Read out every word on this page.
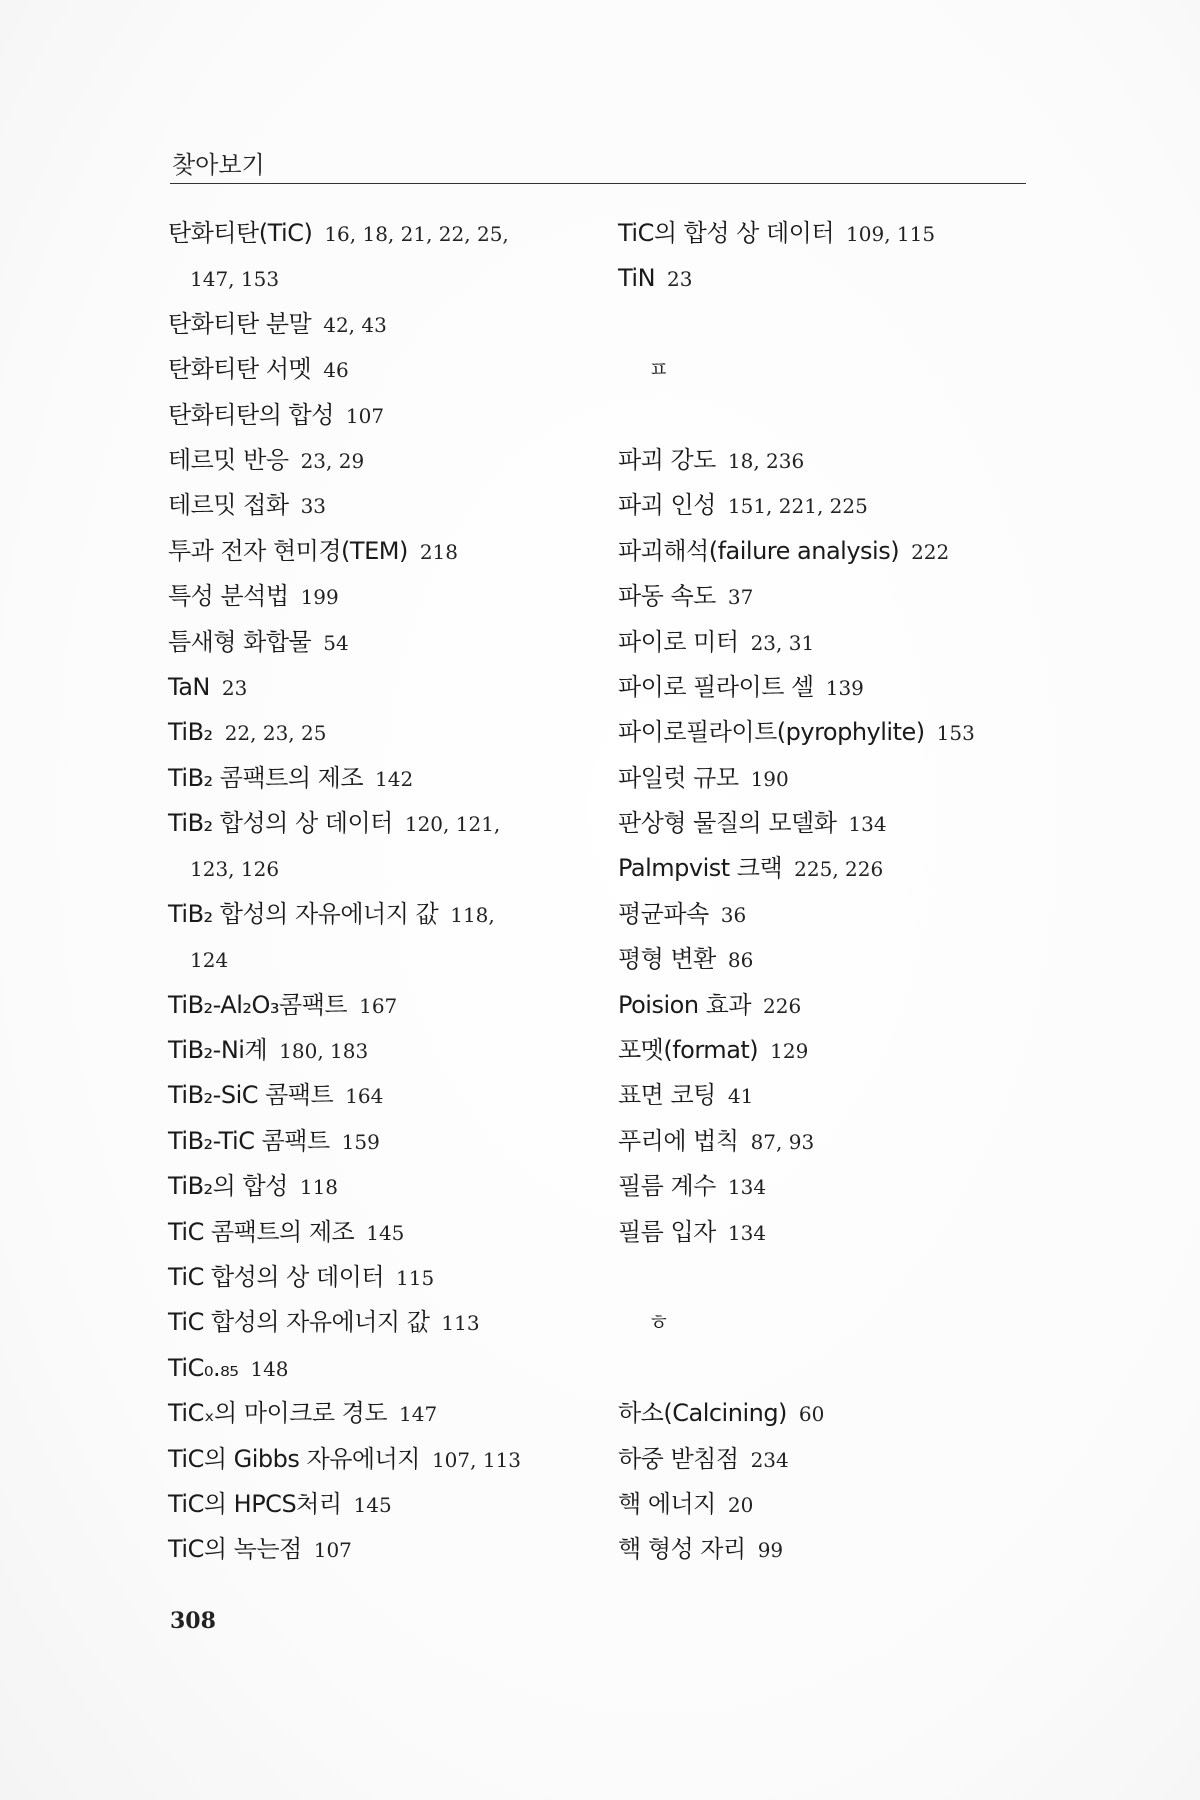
찾아보기
탄화티탄(TiC) 16, 18, 21, 22, 25,
147, 153
탄화티탄 분말 42, 43
탄화티탄 서멧 46
탄화티탄의 합성 107
테르밋 반응 23, 29
테르밋 접화 33
투과 전자 현미경(TEM) 218
특성 분석법 199
틈새형 화합물 54
TaN 23
TiB₂ 22, 23, 25
TiB₂ 콤팩트의 제조 142
TiB₂ 합성의 상 데이터 120, 121,
123, 126
TiB₂ 합성의 자유에너지 값 118,
124
TiB₂-Al₂O₃콤팩트 167
TiB₂-Ni계 180, 183
TiB₂-SiC 콤팩트 164
TiB₂-TiC 콤팩트 159
TiB₂의 합성 118
TiC 콤팩트의 제조 145
TiC 합성의 상 데이터 115
TiC 합성의 자유에너지 값 113
TiC₀.₈₅ 148
TiCₓ의 마이크로 경도 147
TiC의 Gibbs 자유에너지 107, 113
TiC의 HPCS처리 145
TiC의 녹는점 107
TiC의 합성 상 데이터 109, 115
TiN 23
ㅍ
파괴 강도 18, 236
파괴 인성 151, 221, 225
파괴해석(failure analysis) 222
파동 속도 37
파이로 미터 23, 31
파이로 필라이트 셀 139
파이로필라이트(pyrophylite) 153
파일럿 규모 190
판상형 물질의 모델화 134
Palmpvist 크랙 225, 226
평균파속 36
평형 변환 86
Poision 효과 226
포멧(format) 129
표면 코팅 41
푸리에 법칙 87, 93
필름 계수 134
필름 입자 134
ㅎ
하소(Calcining) 60
하중 받침점 234
핵 에너지 20
핵 형성 자리 99
308
